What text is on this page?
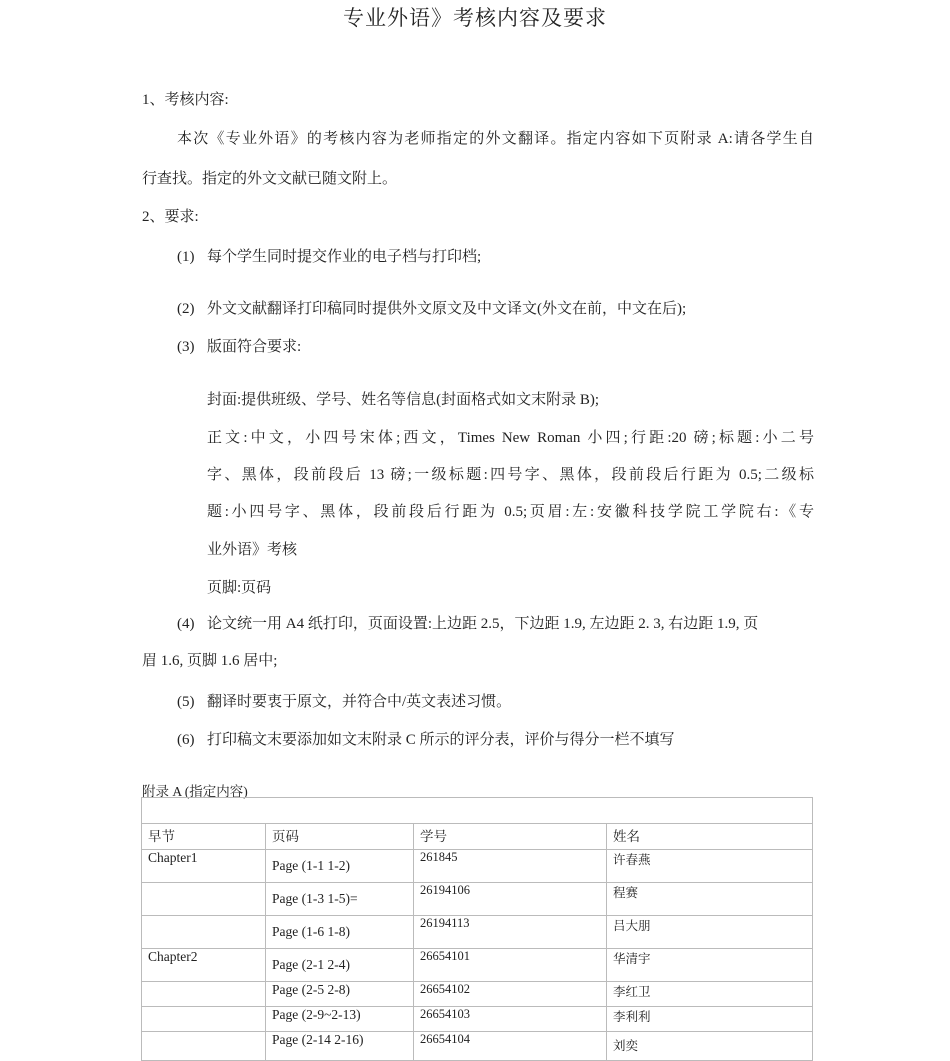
专业外语》考核内容及要求
1、考核内容:
本次《专业外语》的考核内容为老师指定的外文翻译。指定内容如下页附录 A:请各学生自
行查找。指定的外文文献已随文附上。
2、要求:
(1) 每个学生同时提交作业的电子档与打印档;
(2) 外文文献翻译打印稿同时提供外文原文及中文译文(外文在前，中文在后);
(3) 版面符合要求:
封面:提供班级、学号、姓名等信息(封面格式如文末附录 B);
正文:中文，小四号宋体;西文，Times New Roman 小四;行距:20 磅;标题:小二号
字、黑体，段前段后 13 磅;一级标题:四号字、黑体，段前段后行距为 0.5;二级标
题:小四号字、黑体，段前段后行距为 0.5;页眉:左:安徽科技学院工学院右:《专
业外语》考核
页脚:页码
(4) 论文统一用 A4 纸打印，页面设置:上边距 2.5，下边距 1.9, 左边距 2. 3, 右边距 1.9, 页
眉 1.6, 页脚 1.6 居中;
(5) 翻译时要衷于原文，并符合中/英文表述习惯。
(6) 打印稿文末要添加如文末附录 C 所示的评分表，评价与得分一栏不填写
附录 A (指定内容)

早节	页码	学号	姓名
Chapter1	Page (1-1 1-2)	261845	许春燕
	Page (1-3 1-5)=	26194106	程赛
	Page (1-6 1-8)	26194113	吕大朋
Chapter2	Page (2-1 2-4)	26654101	华清宇
	Page (2-5 2-8)	26654102	李红卫
	Page (2-9~2-13)	26654103	李利利
	Page (2-14 2-16)	26654104	刘奕
